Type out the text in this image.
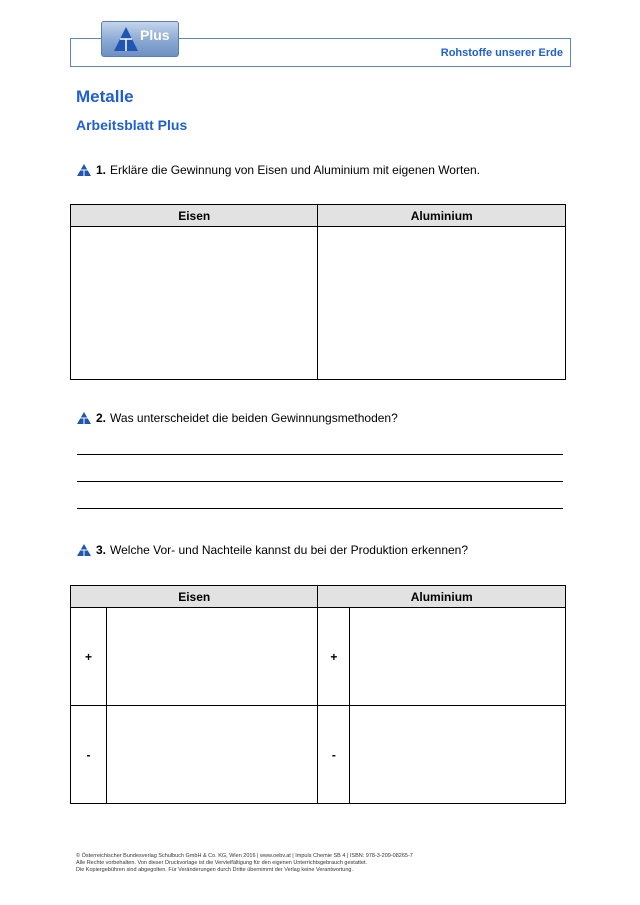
Rohstoffe unserer Erde
Plus
Metalle
Arbeitsblatt Plus
1. Erkläre die Gewinnung von Eisen und Aluminium mit eigenen Worten.
Eisen	Aluminium

2. Was unterscheidet die beiden Gewinnungsmethoden?
3. Welche Vor- und Nachteile kannst du bei der Produktion erkennen?
Eisen		Aluminium	
+		+	
-		-	
© Österreichischer Bundesverlag Schulbuch GmbH & Co. KG, Wien 2016 | www.oebv.at | Impuls Chemie SB 4 | ISBN: 978-3-209-08265-7
Alle Rechte vorbehalten. Von dieser Druckvorlage ist die Vervielfältigung für den eigenen Unterrichtsgebrauch gestattet.
Die Kopiergebühren sind abgegolten. Für Veränderungen durch Dritte übernimmt der Verlag keine Verantwortung.
